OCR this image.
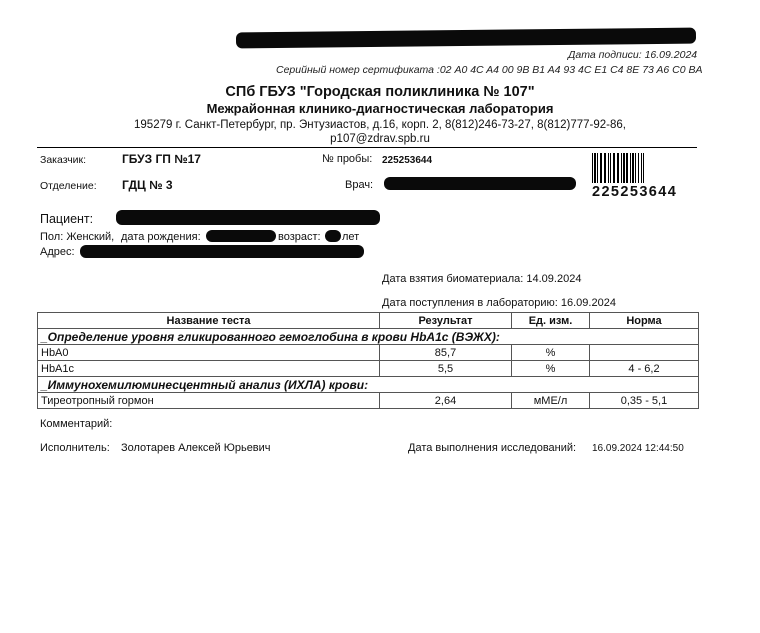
Дата подписи: 16.09.2024
Серийный номер сертификата :02 A0 4C A4 00 9B B1 A4 93 4C E1 C4 8E 73 A6 C0 BA
СПб ГБУЗ "Городская поликлиника № 107"
Межрайонная клинико-диагностическая лаборатория
195279 г. Санкт-Петербург, пр. Энтузиастов, д.16, корп. 2, 8(812)246-73-27, 8(812)777-92-86,
p107@zdrav.spb.ru
Заказчик:	ГБУЗ ГП №17	№ пробы: 225253644
Отделение: ГДЦ № 3	Врач:	225253644
Пациент:
Пол: Женский, дата рождения:	возраст: лет
Адрес:
Дата взятия биоматериала: 14.09.2024
Дата поступления в лабораторию: 16.09.2024
Название теста	Результат	Ед. изм.	Норма
_Определение уровня гликированного гемоглобина в крови HbA1c (ВЭЖХ):			
HbA0	85,7	%	
HbA1c	5,5	%	4 - 6,2
_Иммунохемилюминесцентный анализ (ИХЛА) крови:			
Тиреотропный гормон	2,64	мМЕ/л	0,35 - 5,1
Комментарий:
Исполнитель: Золотарев Алексей Юрьевич	Дата выполнения исследований: 16.09.2024 12:44:50
